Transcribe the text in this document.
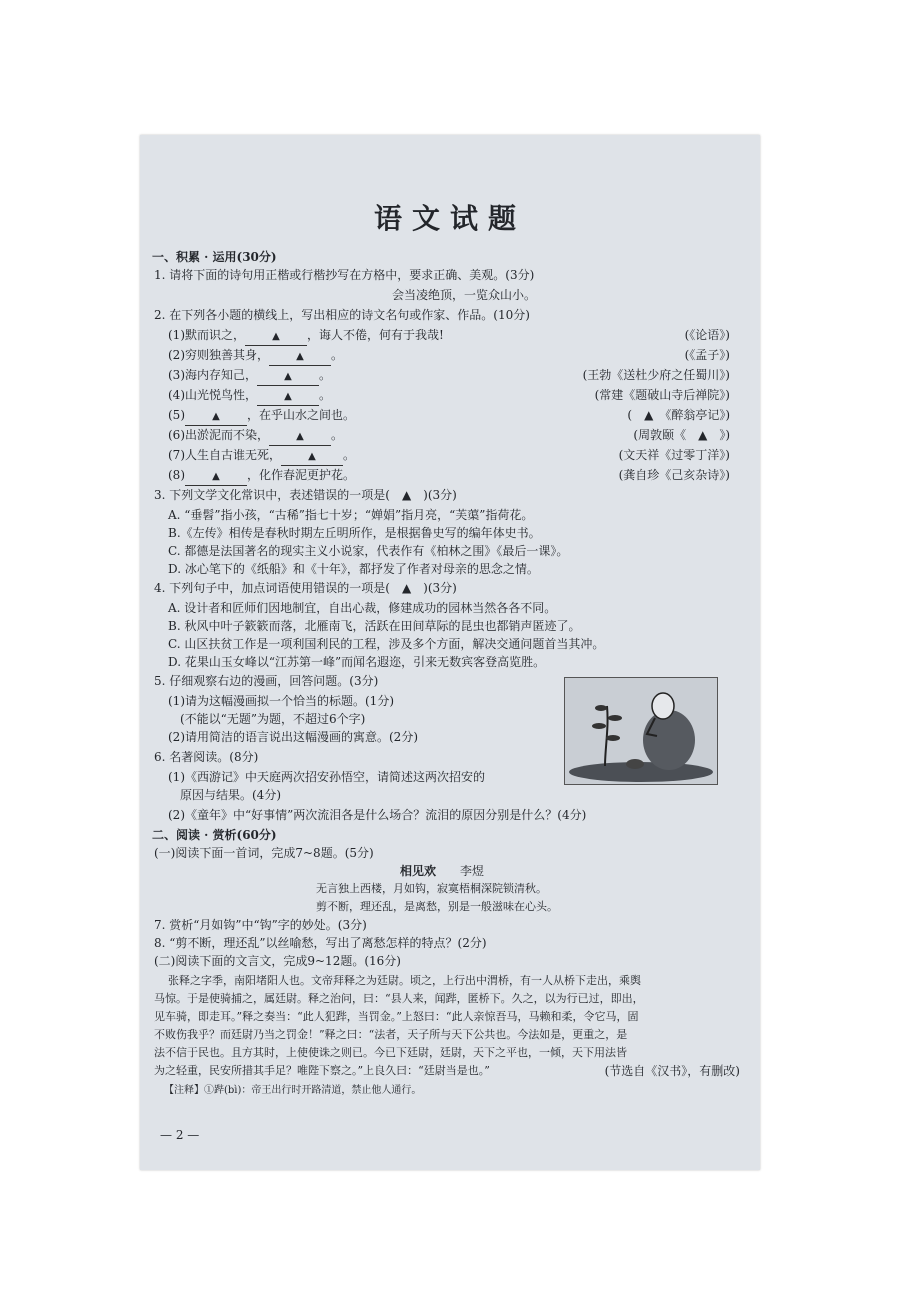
语文试题
一、积累 · 运用(30分)
1. 请将下面的诗句用正楷或行楷抄写在方格中，要求正确、美观。(3分)
会当凌绝顶，一览众山小。
2. 在下列各小题的横线上，写出相应的诗文名句或作家、作品。(10分)
(1)默而识之，	▲ ，诲人不倦，何有于我哉!	(《论语》)
(2)穷则独善其身，	▲ 。	(《孟子》)
(3)海内存知己，	▲ 。	(王勃《送杜少府之任蜀川》)
(4)山光悦鸟性，	▲ 。	(常建《题破山寺后禅院》)
(5)	▲ ，在乎山水之间也。	(　▲　《醉翁亭记》)
(6)出淤泥而不染，	▲ 。	(周敦颐《　▲　》)
(7)人生自古谁无死，	▲ 。	(文天祥《过零丁洋》)
(8)	▲ ，化作春泥更护花。	(龚自珍《己亥杂诗》)
3. 下列文学文化常识中，表述错误的一项是(　▲　)(3分)
A. “垂髫”指小孩，“古稀”指七十岁；“婵娟”指月亮，“芙蕖”指荷花。
B.《左传》相传是春秋时期左丘明所作，是根据鲁史写的编年体史书。
C. 都德是法国著名的现实主义小说家，代表作有《柏林之围》《最后一课》。
D. 冰心笔下的《纸船》和《十年》，都抒发了作者对母亲的思念之情。
4. 下列句子中，加点词语使用错误的一项是(　▲　)(3分)
A. 设计者和匠师们因地制宜，自出心裁，修建成功的园林当然各各不同。
B. 秋风中叶子簌簌而落，北雁南飞，活跃在田间草际的昆虫也都销声匿迹了。
C. 山区扶贫工作是一项利国利民的工程，涉及多个方面，解决交通问题首当其冲。
D. 花果山玉女峰以“江苏第一峰”而闻名遐迩，引来无数宾客登高览胜。
5. 仔细观察右边的漫画，回答问题。(3分)
(1)请为这幅漫画拟一个恰当的标题。(1分)
(不能以“无题”为题，不超过6个字)
(2)请用简洁的语言说出这幅漫画的寓意。(2分)
6. 名著阅读。(8分)
(1)《西游记》中天庭两次招安孙悟空，请简述这两次招安的
原因与结果。(4分)
(2)《童年》中“好事情”两次流泪各是什么场合？流泪的原因分别是什么？(4分)
二、阅读 · 赏析(60分)
(一)阅读下面一首词，完成7~8题。(5分)
相见欢 李煜
无言独上西楼，月如钩，寂寞梧桐深院锁清秋。
剪不断，理还乱，是离愁，别是一般滋味在心头。
7. 赏析“月如钩”中“钩”字的妙处。(3分)
8. “剪不断，理还乱”以丝喻愁，写出了离愁怎样的特点？(2分)
(二)阅读下面的文言文，完成9~12题。(16分)
张释之字季，南阳堵阳人也。文帝拜释之为廷尉。顷之，上行出中渭桥，有一人从桥下走出，乘舆
马惊。于是使骑捕之，属廷尉。释之治问，曰：“县人来，闻跸，匿桥下。久之，以为行已过，即出，
见车骑，即走耳。”释之奏当：“此人犯跸，当罚金。”上怒曰：“此人亲惊吾马，马赖和柔，令它马，固
不败伤我乎？而廷尉乃当之罚金！”释之曰：“法者，天子所与天下公共也。今法如是，更重之，是
法不信于民也。且方其时，上使使诛之则已。今已下廷尉，廷尉，天下之平也，一倾，天下用法皆
为之轻重，民安所措其手足？唯陛下察之。”上良久曰：“廷尉当是也。”	(节选自《汉书》，有删改)
【注释】①跸(bì)：帝王出行时开路清道，禁止他人通行。
— 2 —
